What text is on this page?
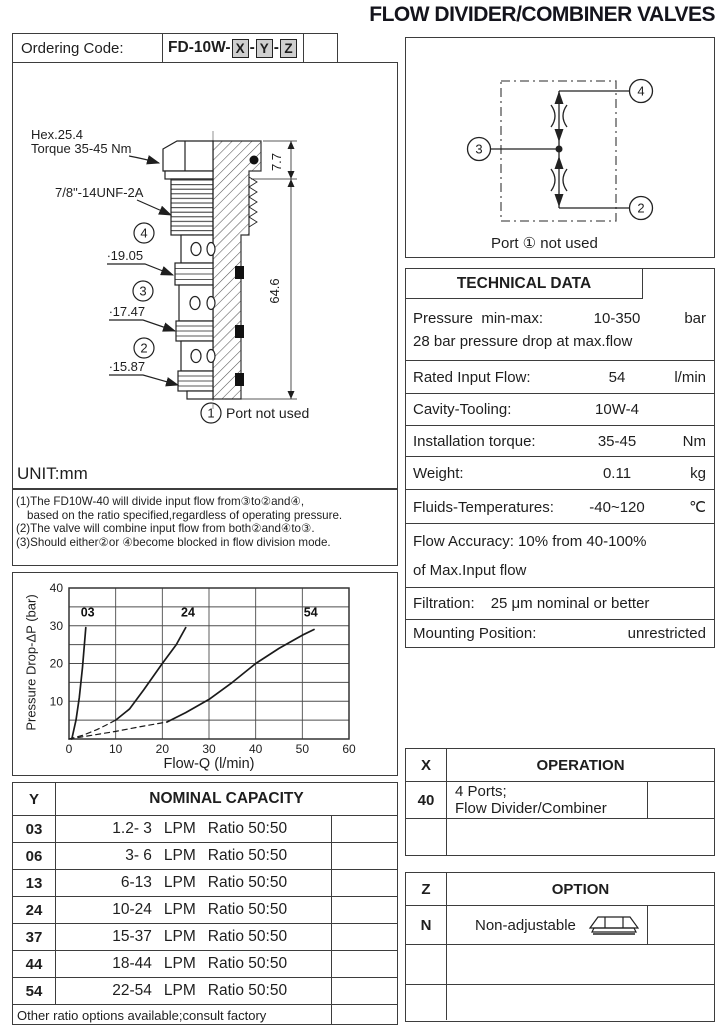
FLOW DIVIDER/COMBINER VALVES
Ordering Code:	FD-10W- X - Y - Z
Hex.25.4
Torque 35-45 Nm
7/8"-14UNF-2A
∙19.05
∙17.47
∙15.87
4
3
2
1 Port not used
7.7
64.6
UNIT:mm
(1)The FD10W-40 will divide input flow from③to②and④,
based on the ratio specified,regardless of operating pressure.
(2)The valve will combine input flow from both②and④to③.
(3)Should either②or ④become blocked in flow division mode.
0	10	20	30	40	50	60
10
20
30
40
03	24	54
Flow-Q (l/min)
Pressure Drop-ΔP (bar)
4
3
2
Port ① not used
TECHNICAL DATA
Pressure  min-max:	10-350	bar
28 bar pressure drop at max.flow
Rated Input Flow:	54	l/min
Cavity-Tooling:	10W-4
Installation torque:	35-45	Nm
Weight:	0.11	kg
Fluids-Temperatures:	-40~120	℃
Flow Accuracy: 10% from 40-100%
of Max.Input flow
Filtration: 25 μm nominal or better
Mounting Position:	unrestricted
X	OPERATION
40	4 Ports;
Flow Divider/Combiner
Z	OPTION
N	Non-adjustable
Y	NOMINAL CAPACITY
03	1.2- 3 LPM Ratio 50:50
06	3- 6 LPM Ratio 50:50
13	6-13 LPM Ratio 50:50
24	10-24 LPM Ratio 50:50
37	15-37 LPM Ratio 50:50
44	18-44 LPM Ratio 50:50
54	22-54 LPM Ratio 50:50
Other ratio options available;consult factory
